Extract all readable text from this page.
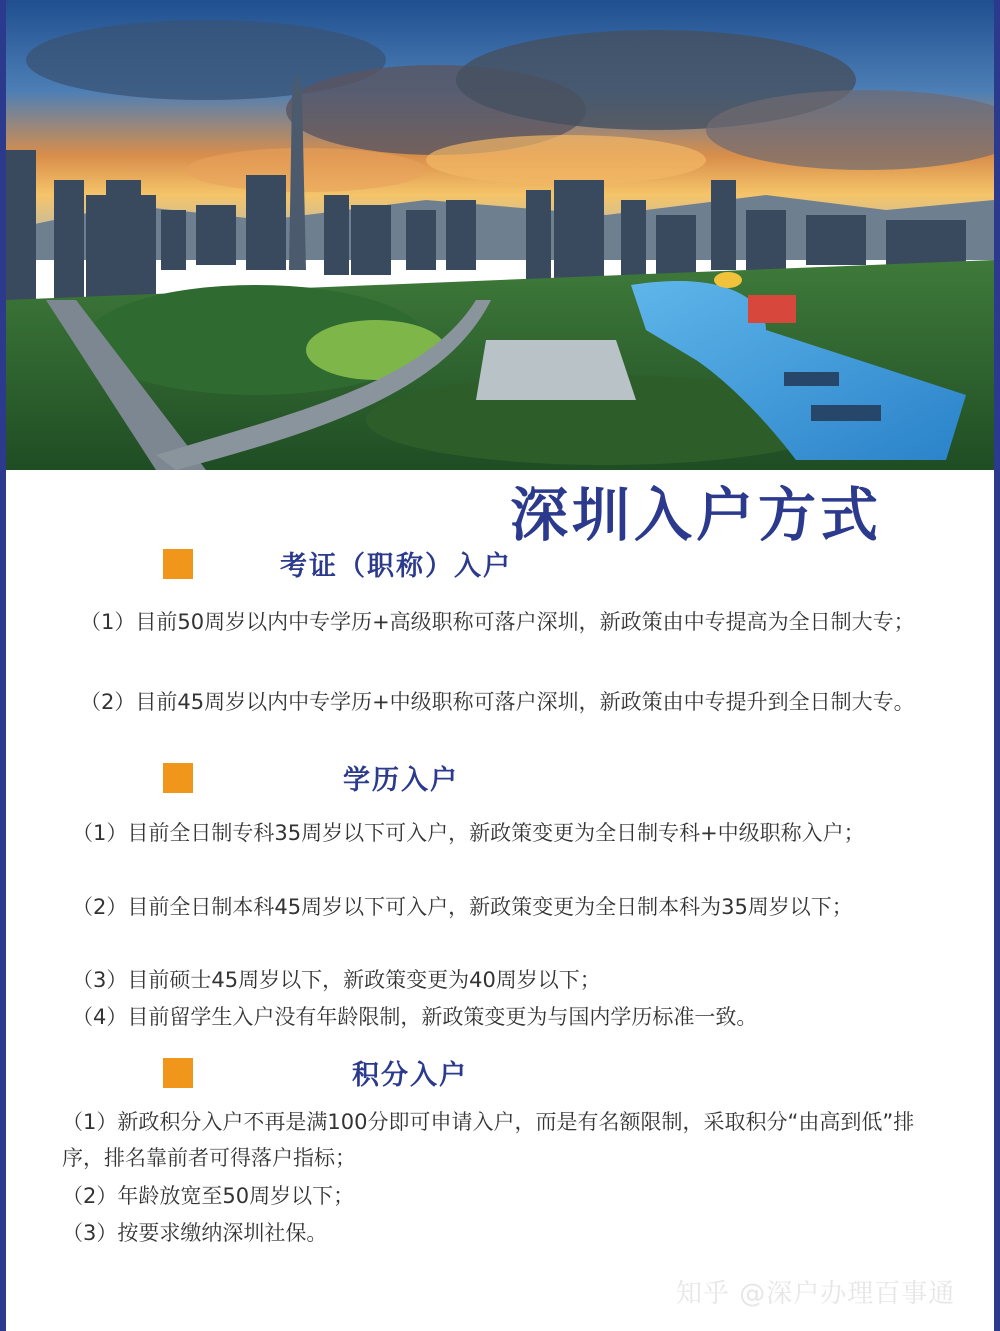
深圳入户方式
考证（职称）入户

（1）目前50周岁以内中专学历+高级职称可落户深圳，新政策由中专提高为全日制大专；

（2）目前45周岁以内中专学历+中级职称可落户深圳，新政策由中专提升到全日制大专。

学历入户

（1）目前全日制专科35周岁以下可入户，新政策变更为全日制专科+中级职称入户；

（2）目前全日制本科45周岁以下可入户，新政策变更为全日制本科为35周岁以下；

（3）目前硕士45周岁以下，新政策变更为40周岁以下；

（4）目前留学生入户没有年龄限制，新政策变更为与国内学历标准一致。

积分入户

（1）新政积分入户不再是满100分即可申请入户，而是有名额限制，采取积分“由高到低”排序，排名靠前者可得落户指标；

（2）年龄放宽至50周岁以下；

（3）按要求缴纳深圳社保。

知乎 @深户办理百事通
